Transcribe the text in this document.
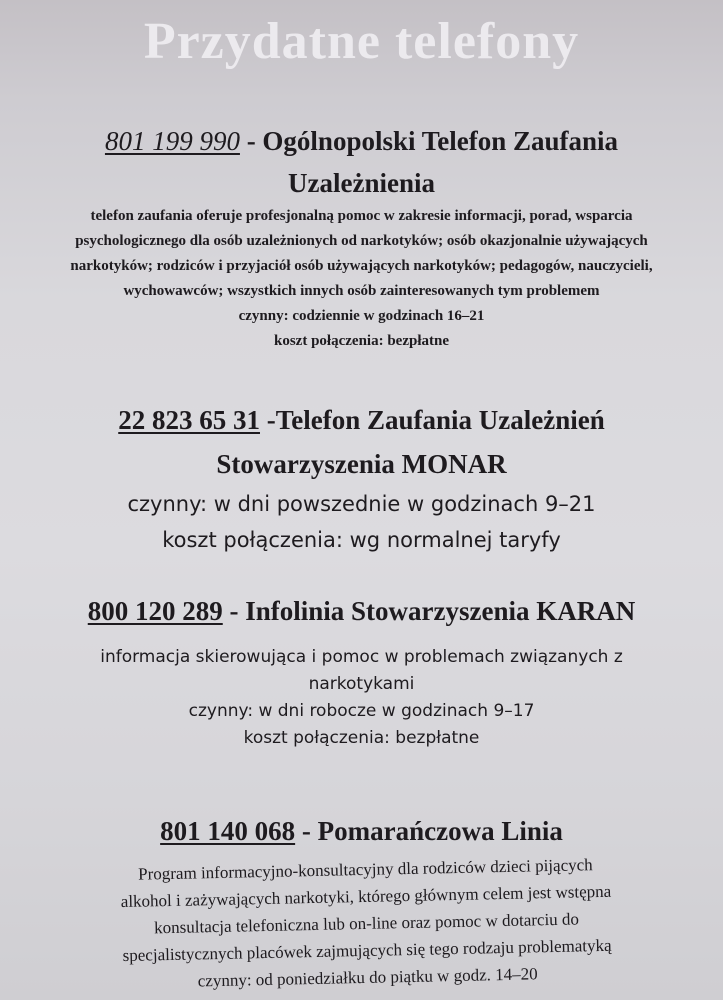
Przydatne telefony

801 199 990 - Ogólnopolski Telefon Zaufania

Uzależnienia

telefon zaufania oferuje profesjonalną pomoc w zakresie informacji, porad, wsparcia

psychologicznego dla osób uzależnionych od narkotyków; osób okazjonalnie używających

narkotyków; rodziców i przyjaciół osób używających narkotyków; pedagogów, nauczycieli,

wychowawców; wszystkich innych osób zainteresowanych tym problemem

czynny: codziennie w godzinach 16–21

koszt połączenia: bezpłatne

22 823 65 31 -Telefon Zaufania Uzależnień

Stowarzyszenia MONAR

czynny: w dni powszednie w godzinach 9–21

koszt połączenia: wg normalnej taryfy

800 120 289 - Infolinia Stowarzyszenia KARAN

informacja skierowująca i pomoc w problemach związanych z

narkotykami

czynny: w dni robocze w godzinach 9–17

koszt połączenia: bezpłatne

801 140 068 - Pomarańczowa Linia

Program informacyjno-konsultacyjny dla rodziców dzieci pijących

alkohol i zażywających narkotyki, którego głównym celem jest wstępna

konsultacja telefoniczna lub on-line oraz pomoc w dotarciu do

specjalistycznych placówek zajmujących się tego rodzaju problematyką

czynny: od poniedziałku do piątku w godz. 14–20
